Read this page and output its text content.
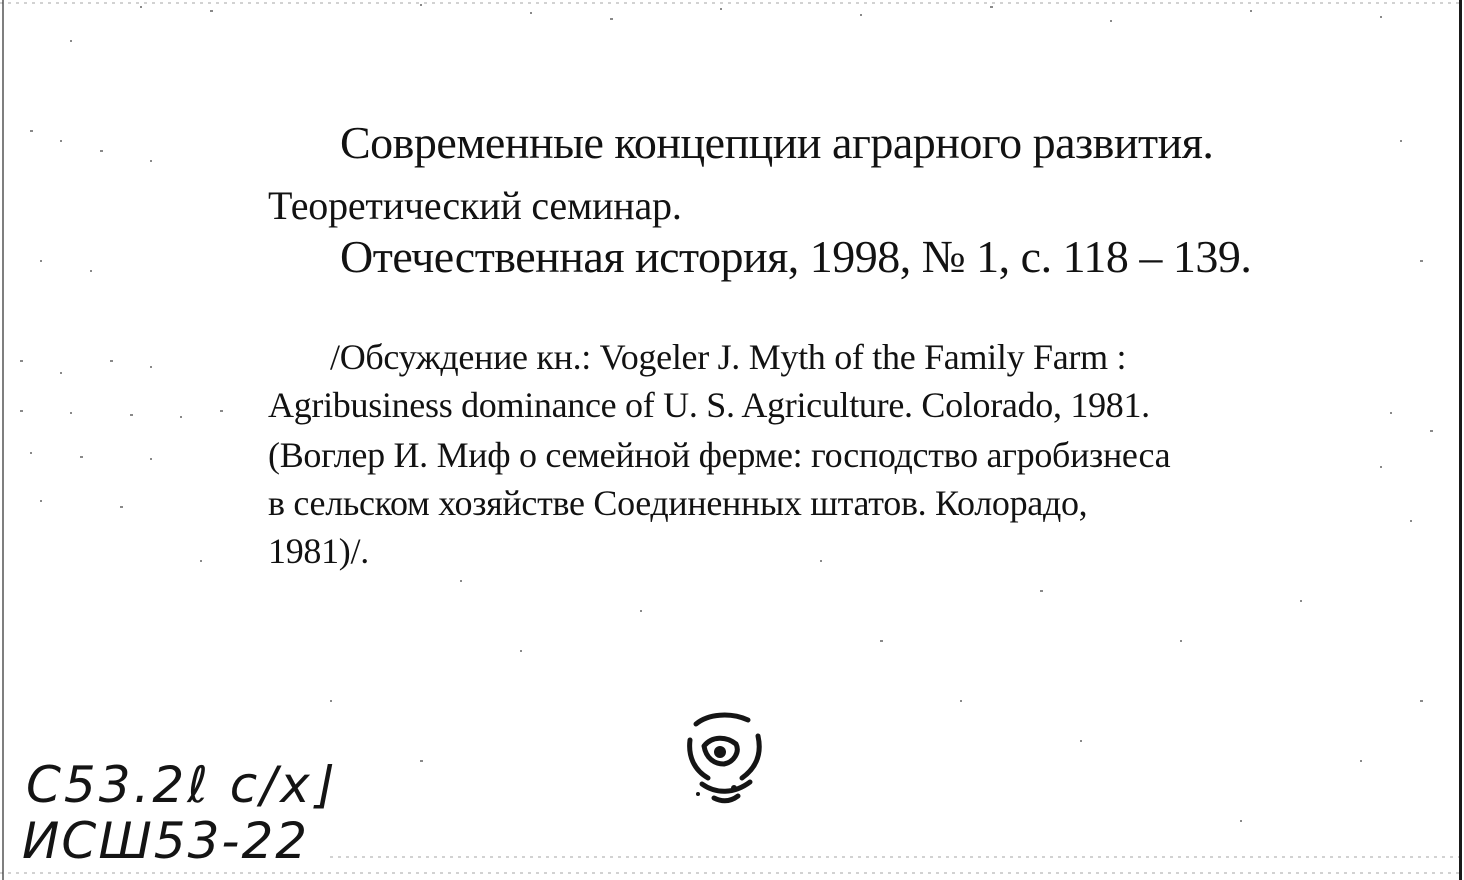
Современные концепции аграрного развития.
Теоретический семинар.
Отечественная история, 1998, № 1, с. 118 – 139.
/Обсуждение кн.: Vogeler J. Myth of the Family Farm :
Agribusiness dominance of U. S. Agriculture. Colorado, 1981.
(Воглер И. Миф о семейной ферме: господство агробизнеса
в сельском хозяйстве Соединенных штатов. Колорадо,
1981)/.
С53.2ℓ с/х⌋
ИСШ53-22
